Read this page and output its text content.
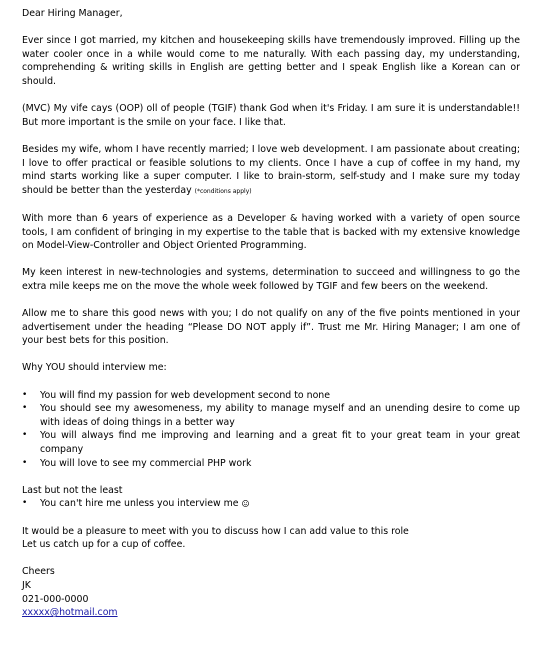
Dear Hiring Manager,

Ever since I got married, my kitchen and housekeeping skills have tremendously improved. Filling up the water cooler once in a while would come to me naturally. With each passing day, my understanding, comprehending & writing skills in English are getting better and I speak English like a Korean can or should.

(MVC) My vife cays (OOP) oll of people (TGIF) thank God when it's Friday. I am sure it is understandable!! But more important is the smile on your face. I like that.

Besides my wife, whom I have recently married; I love web development. I am passionate about creating; I love to offer practical or feasible solutions to my clients. Once I have a cup of coffee in my hand, my mind starts working like a super computer. I like to brain-storm, self-study and I make sure my today should be better than the yesterday (*conditions apply)

With more than 6 years of experience as a Developer & having worked with a variety of open source tools, I am confident of bringing in my expertise to the table that is backed with my extensive knowledge on Model-View-Controller and Object Oriented Programming.

My keen interest in new-technologies and systems, determination to succeed and willingness to go the extra mile keeps me on the move the whole week followed by TGIF and few beers on the weekend.

Allow me to share this good news with you; I do not qualify on any of the five points mentioned in your advertisement under the heading “Please DO NOT apply if”. Trust me Mr. Hiring Manager; I am one of your best bets for this position.

Why YOU should interview me:

• You will find my passion for web development second to none
• You should see my awesomeness, my ability to manage myself and an unending desire to come up with ideas of doing things in a better way
• You will always find me improving and learning and a great fit to your great team in your great company
• You will love to see my commercial PHP work

Last but not the least

• You can't hire me unless you interview me

It would be a pleasure to meet with you to discuss how I can add value to this role

Let us catch up for a cup of coffee.

Cheers

JK

021-000-0000

xxxxx@hotmail.com
